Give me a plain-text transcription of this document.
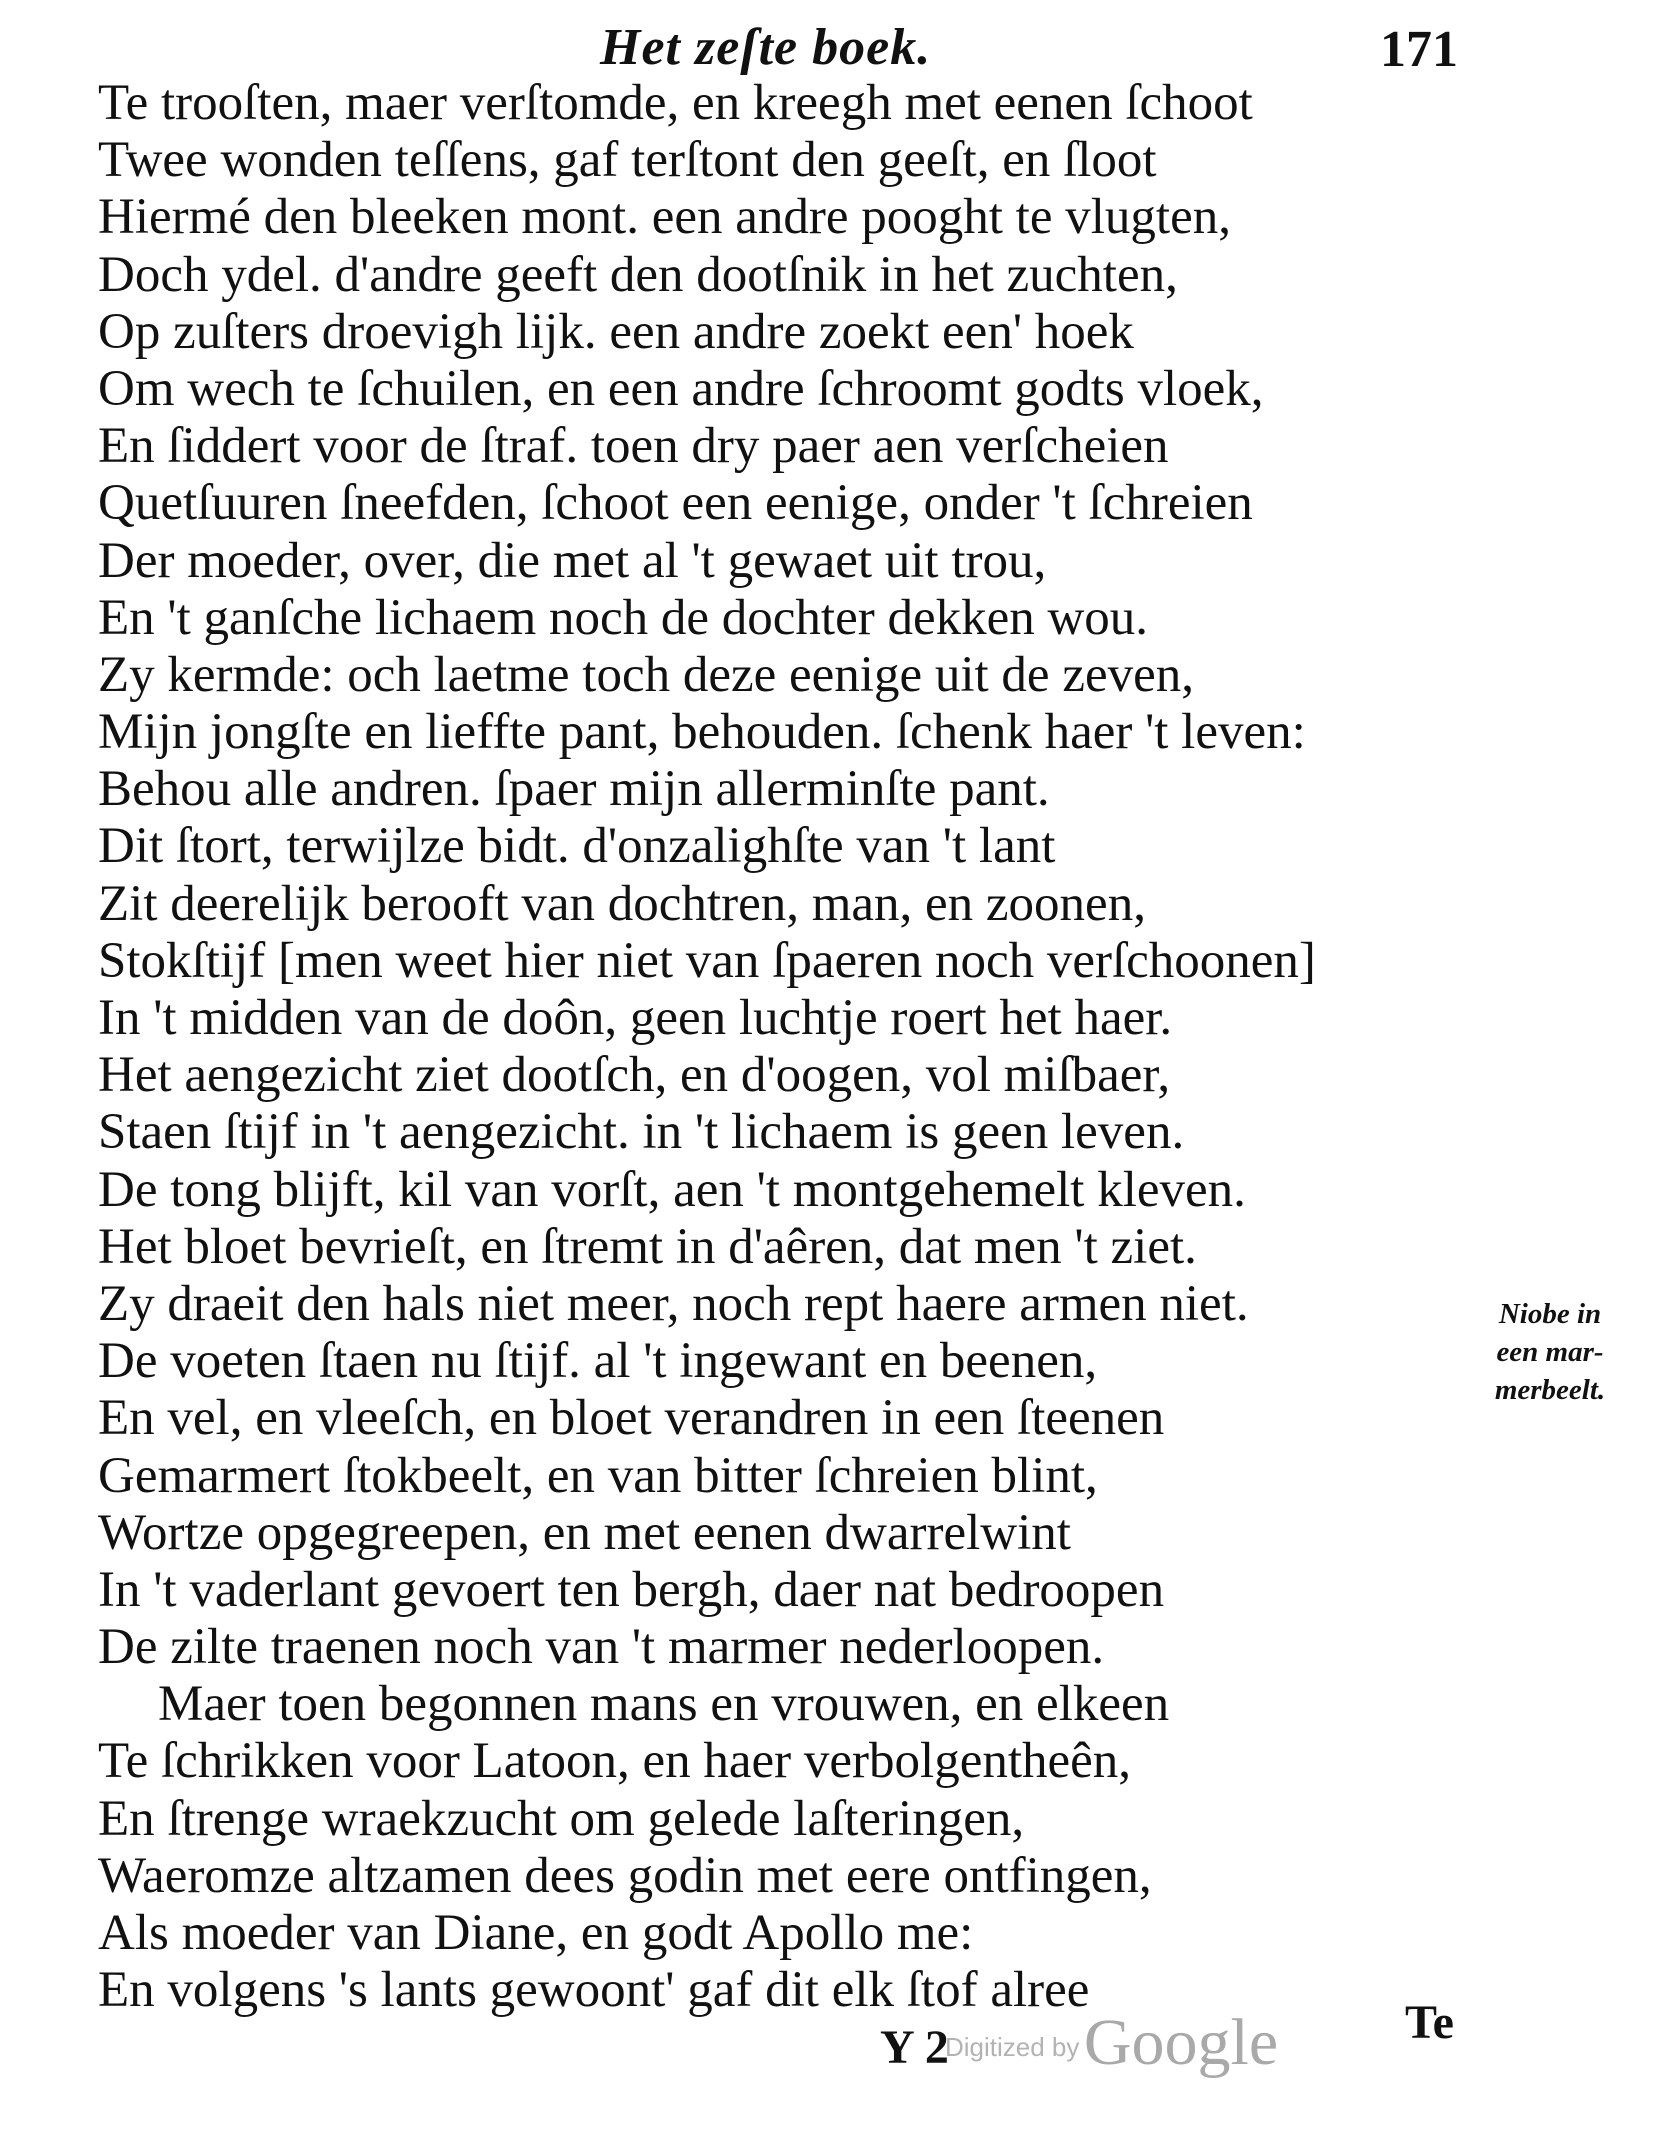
Het zeſte boek.	171
Te trooſten, maer verſtomde, en kreegh met eenen ſchoot
Twee wonden teſſens, gaf terſtont den geeſt, en ſloot
Hiermé den bleeken mont. een andre pooght te vlugten,
Doch ydel. d'andre geeft den dootſnik in het zuchten,
Op zuſters droevigh lijk. een andre zoekt een' hoek
Om wech te ſchuilen, en een andre ſchroomt godts vloek,
En ſiddert voor de ſtraf. toen dry paer aen verſcheien
Quetſuuren ſneefden, ſchoot een eenige, onder 't ſchreien
Der moeder, over, die met al 't gewaet uit trou,
En 't ganſche lichaem noch de dochter dekken wou.
Zy kermde: och laetme toch deze eenige uit de zeven,
Mijn jongſte en lieffte pant, behouden. ſchenk haer 't leven:
Behou alle andren. ſpaer mijn allerminſte pant.
Dit ſtort, terwijlze bidt. d'onzalighſte van 't lant
Zit deerelijk berooft van dochtren, man, en zoonen,
Stokſtijf [men weet hier niet van ſpaeren noch verſchoonen]
In 't midden van de doôn, geen luchtje roert het haer.
Het aengezicht ziet dootſch, en d'oogen, vol miſbaer,
Staen ſtijf in 't aengezicht. in 't lichaem is geen leven.
De tong blijft, kil van vorſt, aen 't montgehemelt kleven.
Het bloet bevrieſt, en ſtremt in d'aêren, dat men 't ziet.
Zy draeit den hals niet meer, noch rept haere armen niet.
De voeten ſtaen nu ſtijf. al 't ingewant en beenen,
En vel, en vleeſch, en bloet verandren in een ſteenen
Gemarmert ſtokbeelt, en van bitter ſchreien blint,
Wortze opgegreepen, en met eenen dwarrelwint
In 't vaderlant gevoert ten bergh, daer nat bedroopen
De zilte traenen noch van 't marmer nederloopen.
Maer toen begonnen mans en vrouwen, en elkeen
Te ſchrikken voor Latoon, en haer verbolgentheên,
En ſtrenge wraekzucht om gelede laſteringen,
Waeromze altzamen dees godin met eere ontfingen,
Als moeder van Diane, en godt Apollo me:
En volgens 's lants gewoont' gaf dit elk ſtof alree
Niobe in
een mar-
merbeelt.
Te
Y 2
Digitized by Google
